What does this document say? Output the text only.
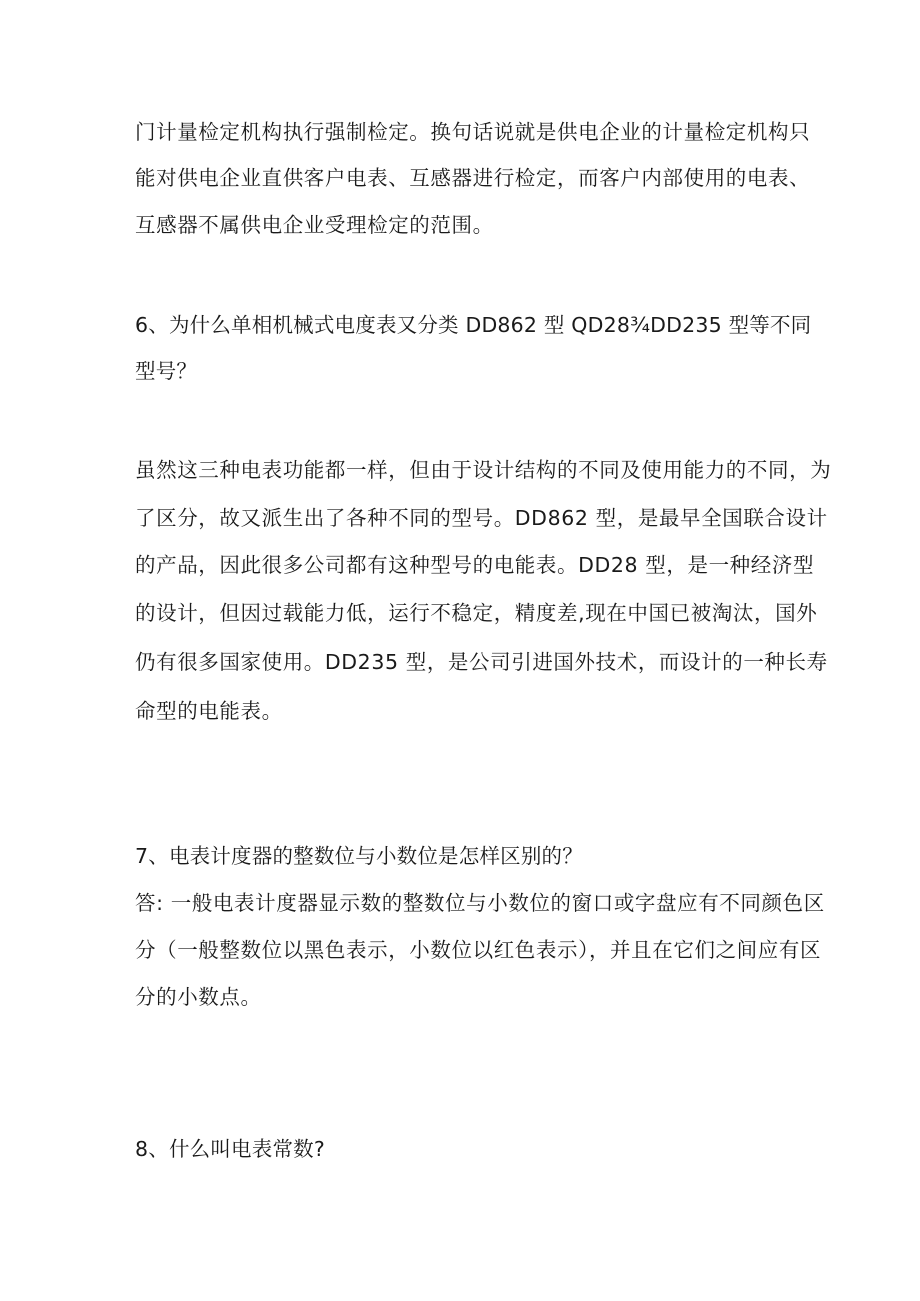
门计量检定机构执行强制检定。换句话说就是供电企业的计量检定机构只
能对供电企业直供客户电表、互感器进行检定，而客户内部使用的电表、
互感器不属供电企业受理检定的范围。
6、为什么单相机械式电度表又分类 DD862 型 QD28¾DD235 型等不同
型号？
虽然这三种电表功能都一样，但由于设计结构的不同及使用能力的不同，为
了区分，故又派生出了各种不同的型号。DD862 型，是最早全国联合设计
的产品，因此很多公司都有这种型号的电能表。DD28 型，是一种经济型
的设计，但因过载能力低，运行不稳定，精度差,现在中国已被淘汰，国外
仍有很多国家使用。DD235 型，是公司引进国外技术，而设计的一种长寿
命型的电能表。
7、电表计度器的整数位与小数位是怎样区别的？
答: 一般电表计度器显示数的整数位与小数位的窗口或字盘应有不同颜色区
分（一般整数位以黑色表示，小数位以红色表示），并且在它们之间应有区
分的小数点。
8、什么叫电表常数?
